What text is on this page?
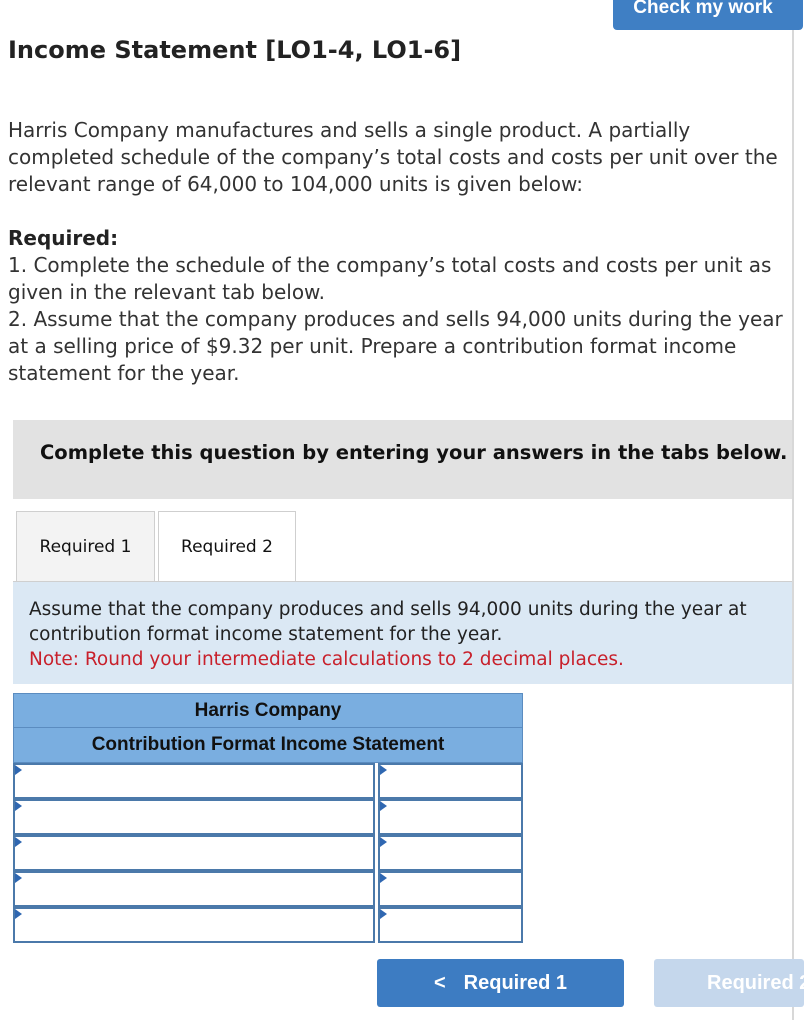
Check my work
Income Statement [LO1-4, LO1-6]

Harris Company manufactures and sells a single product. A partially completed schedule of the company’s total costs and costs per unit over the relevant range of 64,000 to 104,000 units is given below:

Required:
1. Complete the schedule of the company’s total costs and costs per unit as given in the relevant tab below.
2. Assume that the company produces and sells 94,000 units during the year at a selling price of $9.32 per unit. Prepare a contribution format income statement for the year.
Complete this question by entering your answers in the tabs below.
Required 1	Required 2
Assume that the company produces and sells 94,000 units during the year at
contribution format income statement for the year.
Note: Round your intermediate calculations to 2 decimal places.
Harris Company
Contribution Format Income Statement
< Required 1	Required 2
